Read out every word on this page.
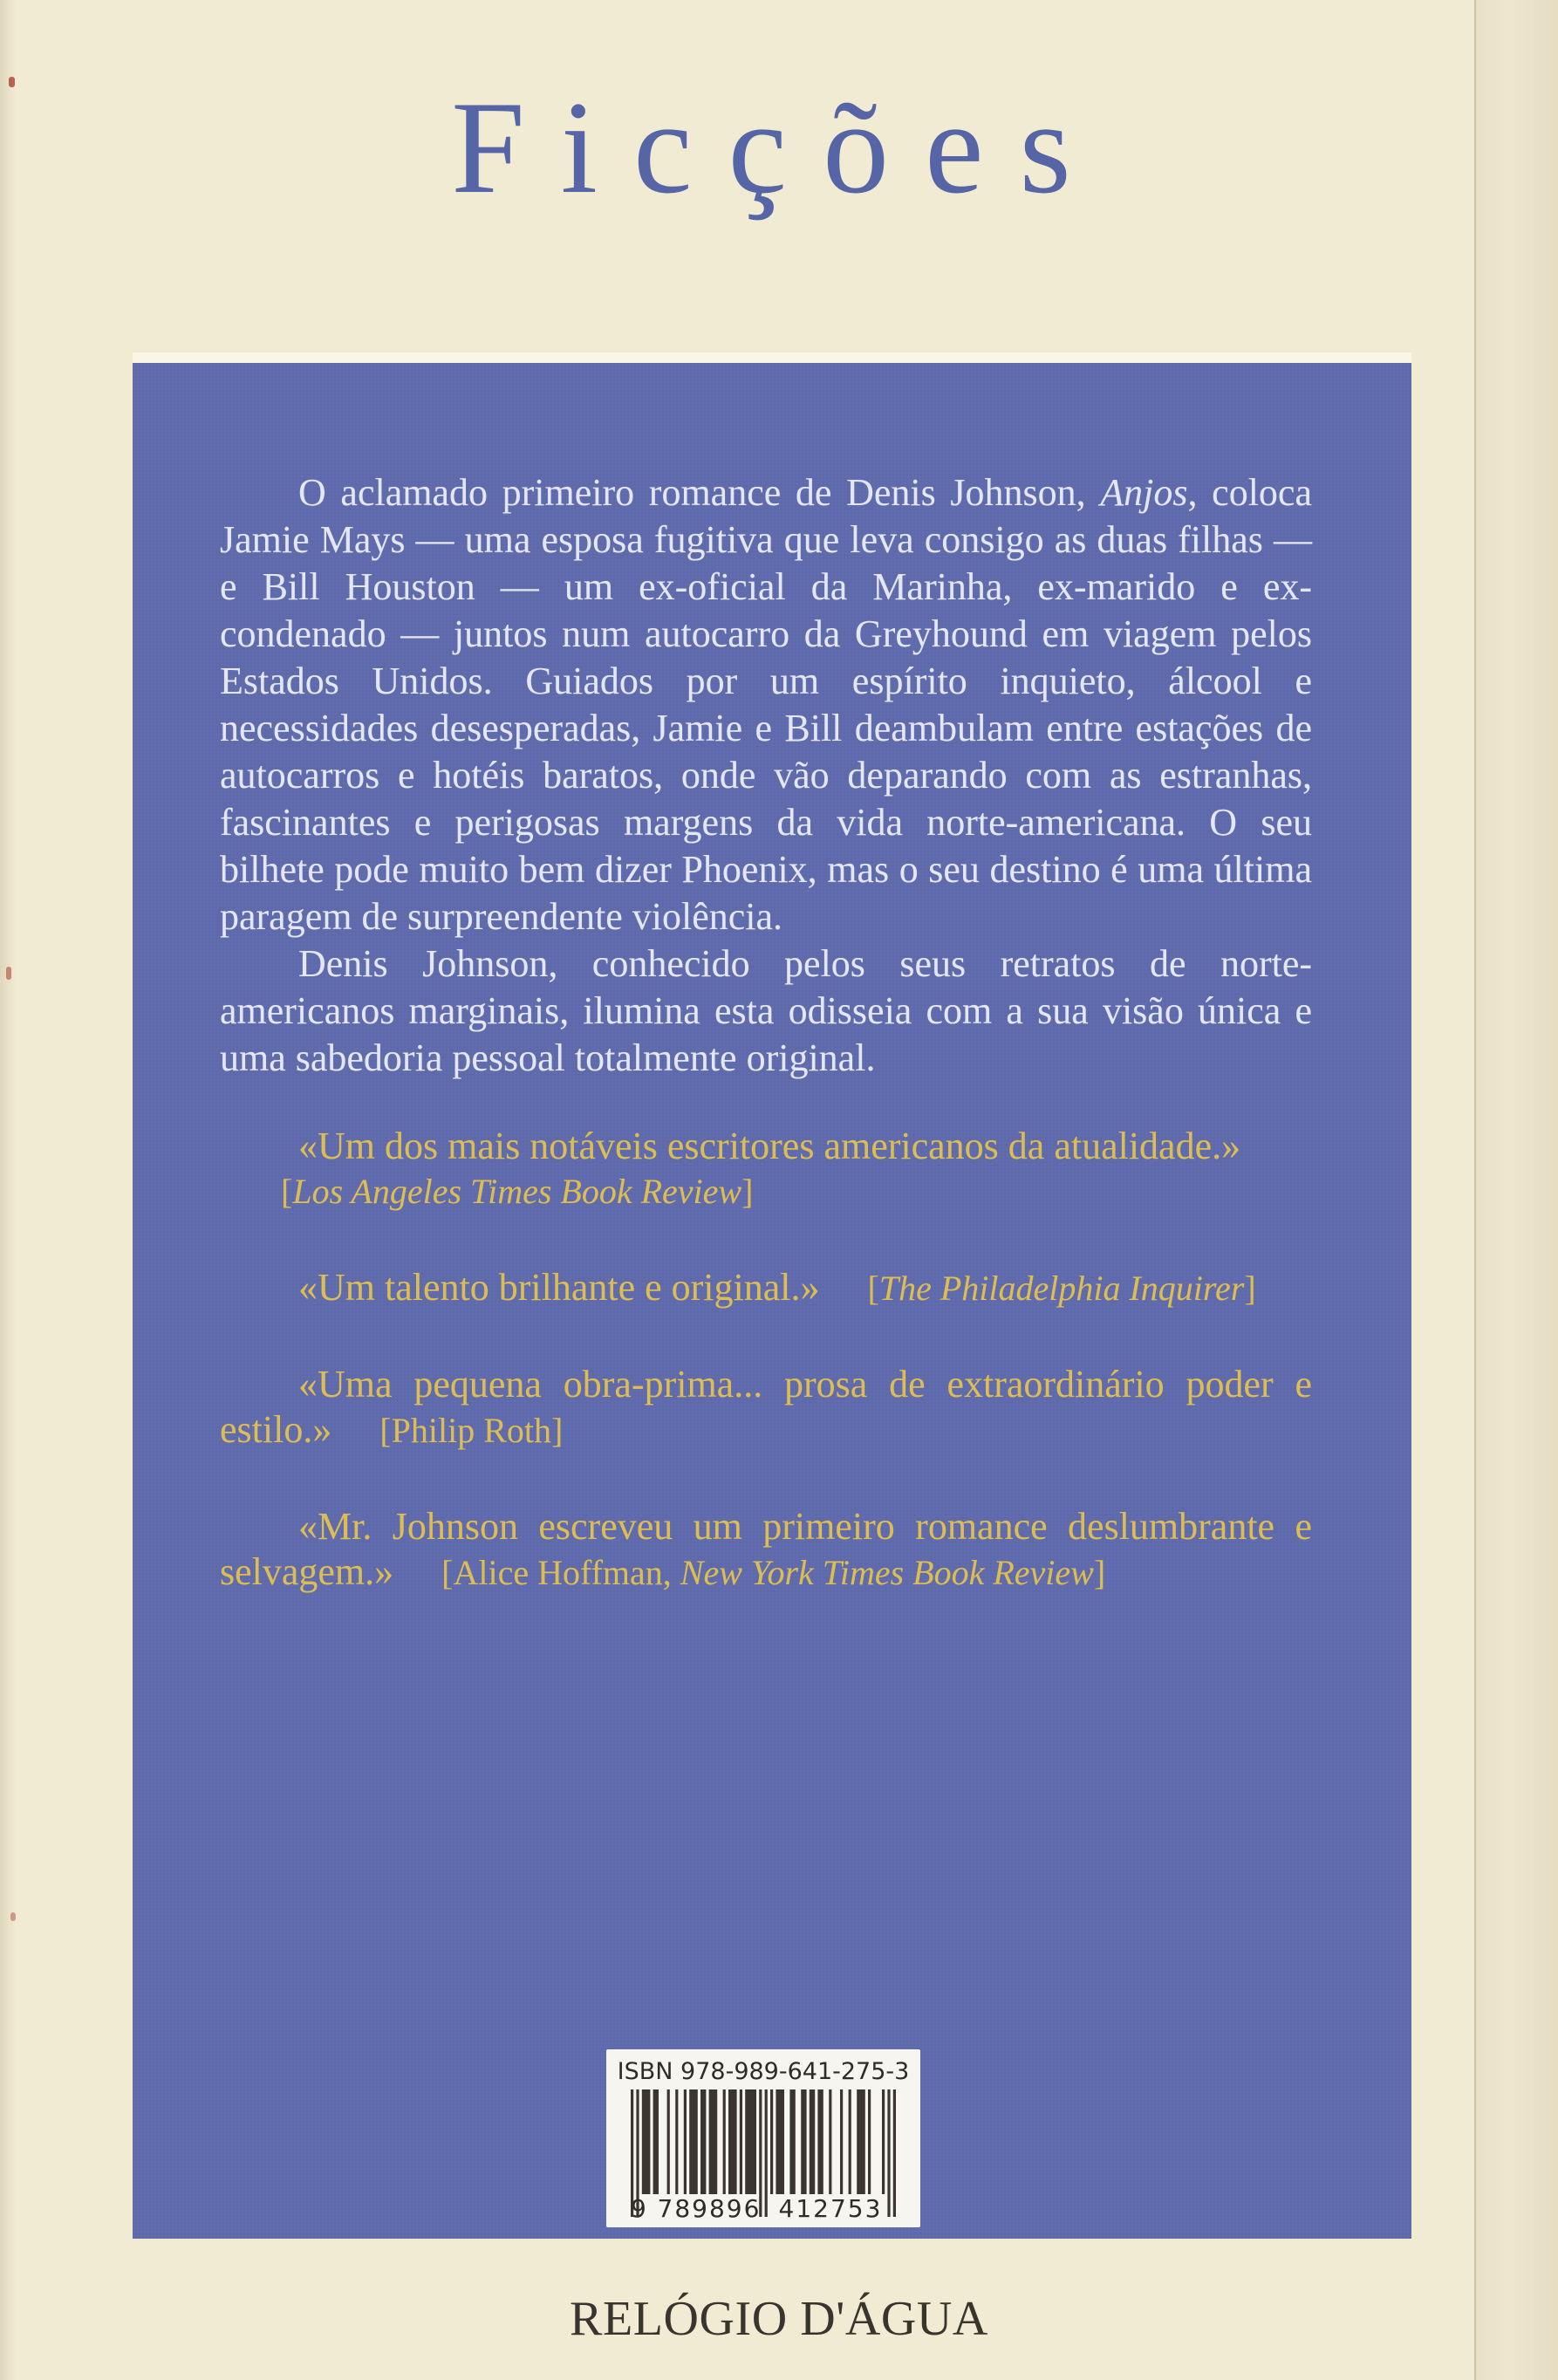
Ficções

O aclamado primeiro romance de Denis Johnson, Anjos, coloca Jamie Mays — uma esposa fugitiva que leva consigo as duas filhas — e Bill Houston — um ex-oficial da Marinha, ex-marido e ex-condenado — juntos num autocarro da Greyhound em viagem pelos Estados Unidos. Guiados por um espírito inquieto, álcool e necessidades desesperadas, Jamie e Bill deambulam entre estações de autocarros e hotéis baratos, onde vão deparando com as estranhas, fascinantes e perigosas margens da vida norte-americana. O seu bilhete pode muito bem dizer Phoenix, mas o seu destino é uma última paragem de surpreendente violência.

Denis Johnson, conhecido pelos seus retratos de norte-americanos marginais, ilumina esta odisseia com a sua visão única e uma sabedoria pessoal totalmente original.

«Um dos mais notáveis escritores americanos da atualidade.»
[Los Angeles Times Book Review]
«Um talento brilhante e original.» [The Philadelphia Inquirer]
«Uma pequena obra-prima... prosa de extraordinário poder e estilo.» [Philip Roth]
«Mr. Johnson escreveu um primeiro romance deslumbrante e selvagem.» [Alice Hoffman, New York Times Book Review]
ISBN 978-989-641-275-3
9 789896 412753
RELÓGIO D'ÁGUA
